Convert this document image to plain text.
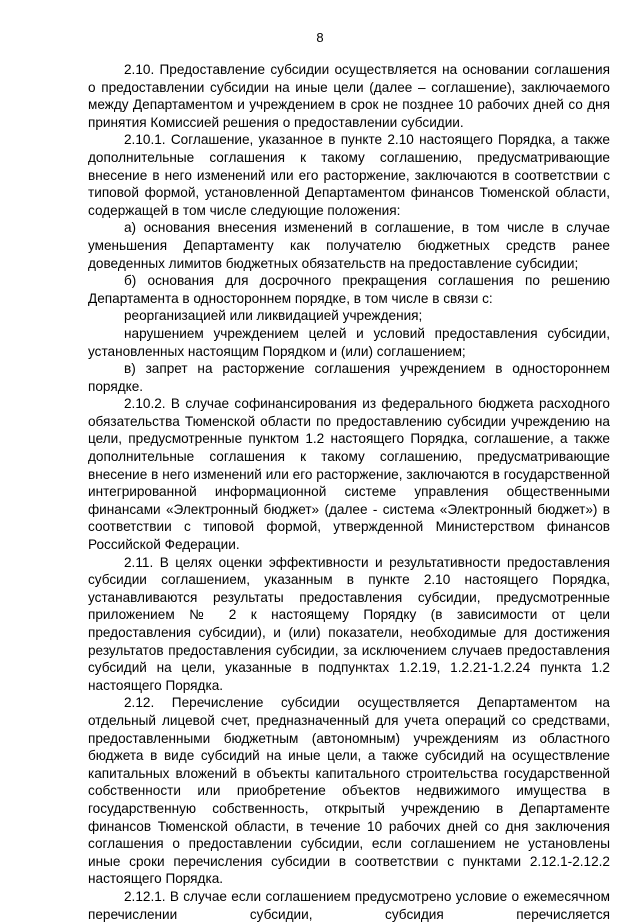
8

2.10. Предоставление субсидии осуществляется на основании соглашения о предоставлении субсидии на иные цели (далее – соглашение), заключаемого между Департаментом и учреждением в срок не позднее 10 рабочих дней со дня принятия Комиссией решения о предоставлении субсидии.

2.10.1. Соглашение, указанное в пункте 2.10 настоящего Порядка, а также дополнительные соглашения к такому соглашению, предусматривающие внесение в него изменений или его расторжение, заключаются в соответствии с типовой формой, установленной Департаментом финансов Тюменской области, содержащей в том числе следующие положения:

а) основания внесения изменений в соглашение, в том числе в случае уменьшения Департаменту как получателю бюджетных средств ранее доведенных лимитов бюджетных обязательств на предоставление субсидии;

б) основания для досрочного прекращения соглашения по решению Департамента в одностороннем порядке, в том числе в связи с:

реорганизацией или ликвидацией учреждения;

нарушением учреждением целей и условий предоставления субсидии, установленных настоящим Порядком и (или) соглашением;

в) запрет на расторжение соглашения учреждением в одностороннем порядке.

2.10.2. В случае софинансирования из федерального бюджета расходного обязательства Тюменской области по предоставлению субсидии учреждению на цели, предусмотренные пунктом 1.2 настоящего Порядка, соглашение, а также дополнительные соглашения к такому соглашению, предусматривающие внесение в него изменений или его расторжение, заключаются в государственной интегрированной информационной системе управления общественными финансами «Электронный бюджет» (далее - система «Электронный бюджет») в соответствии с типовой формой, утвержденной Министерством финансов Российской Федерации.

2.11. В целях оценки эффективности и результативности предоставления субсидии соглашением, указанным в пункте 2.10 настоящего Порядка, устанавливаются результаты предоставления субсидии, предусмотренные приложением № 2 к настоящему Порядку (в зависимости от цели предоставления субсидии), и (или) показатели, необходимые для достижения результатов предоставления субсидии, за исключением случаев предоставления субсидий на цели, указанные в подпунктах 1.2.19, 1.2.21-1.2.24 пункта 1.2 настоящего Порядка.

2.12. Перечисление субсидии осуществляется Департаментом на отдельный лицевой счет, предназначенный для учета операций со средствами, предоставленными бюджетным (автономным) учреждениям из областного бюджета в виде субсидий на иные цели, а также субсидий на осуществление капитальных вложений в объекты капитального строительства государственной собственности или приобретение объектов недвижимого имущества в государственную собственность, открытый учреждению в Департаменте финансов Тюменской области, в течение 10 рабочих дней со дня заключения соглашения о предоставлении субсидии, если соглашением не установлены иные сроки перечисления субсидии в соответствии с пунктами 2.12.1-2.12.2 настоящего Порядка.

2.12.1. В случае если соглашением предусмотрено условие о ежемесячном перечислении субсидии, субсидия перечисляется
